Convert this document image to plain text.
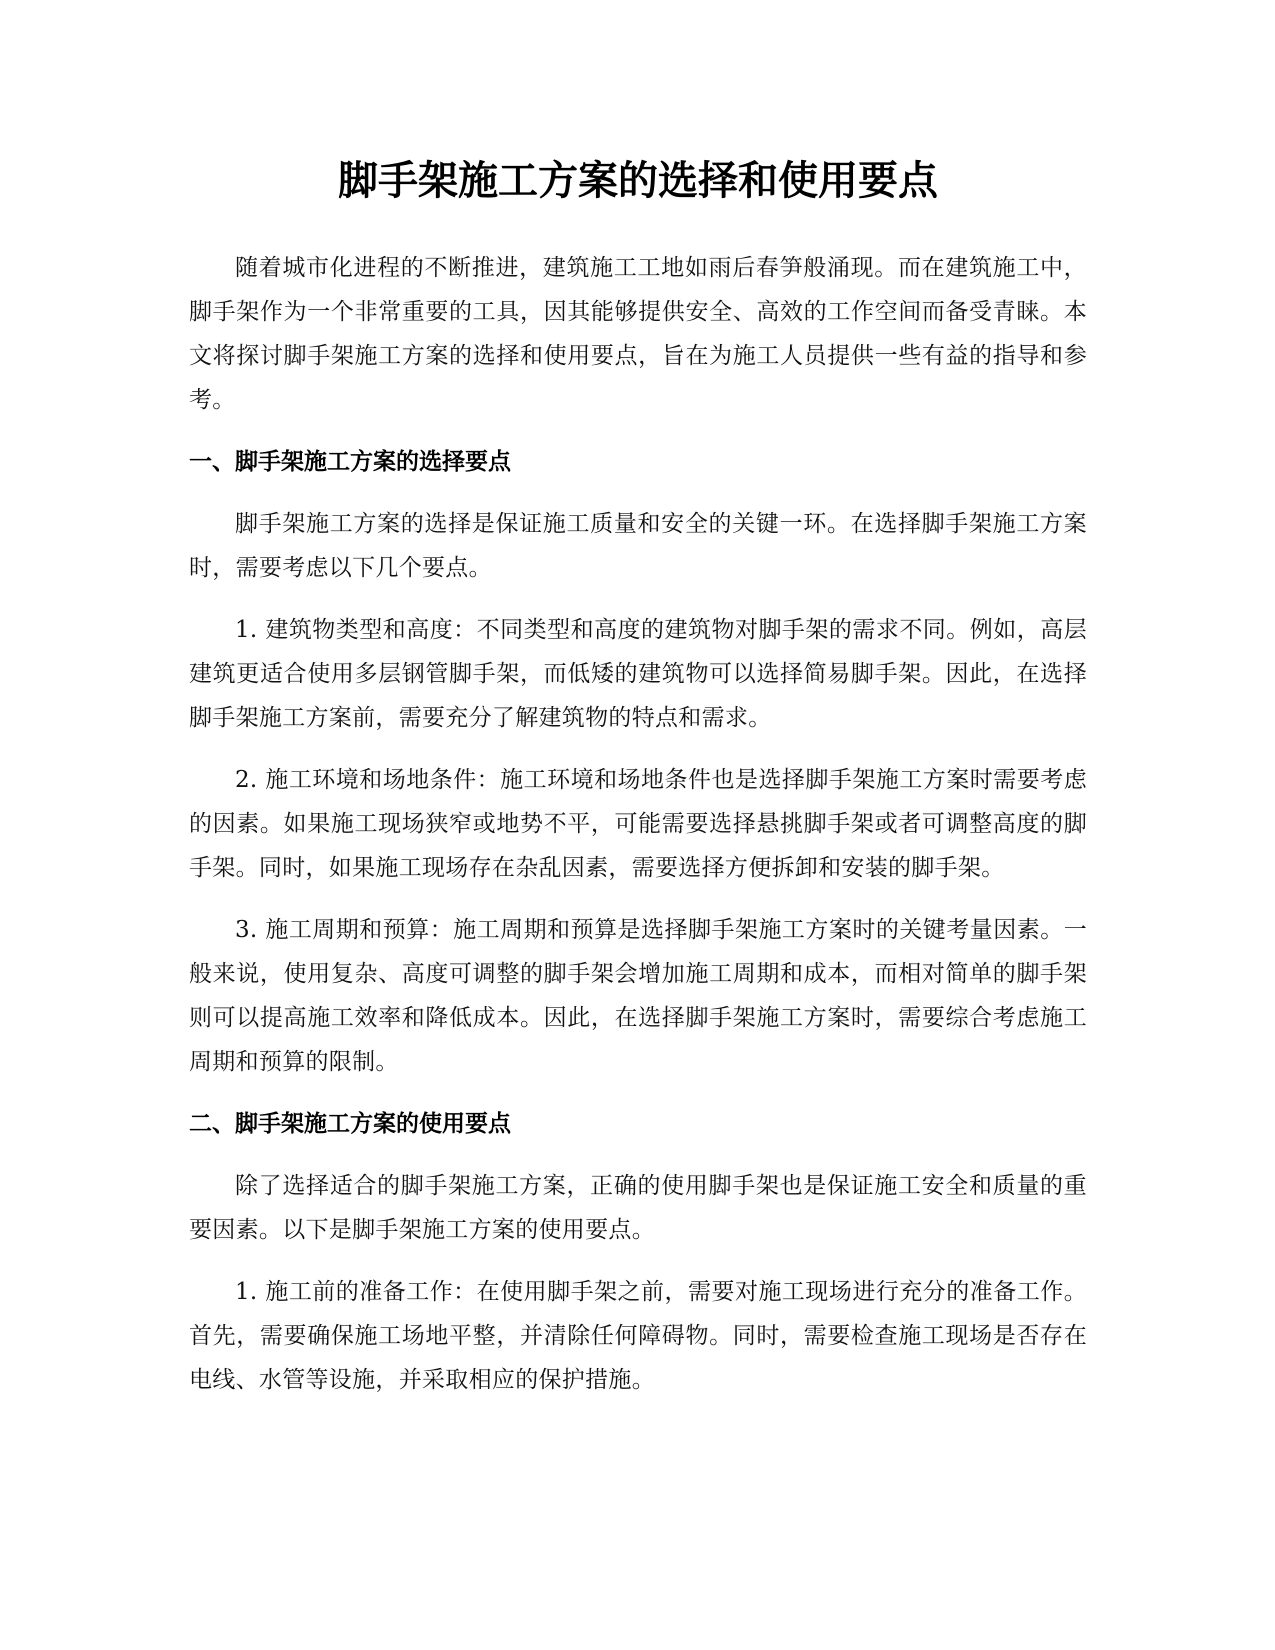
脚手架施工方案的选择和使用要点

随着城市化进程的不断推进，建筑施工工地如雨后春笋般涌现。而在建筑施工中，脚手架作为一个非常重要的工具，因其能够提供安全、高效的工作空间而备受青睐。本文将探讨脚手架施工方案的选择和使用要点，旨在为施工人员提供一些有益的指导和参考。

一、脚手架施工方案的选择要点

脚手架施工方案的选择是保证施工质量和安全的关键一环。在选择脚手架施工方案时，需要考虑以下几个要点。

1. 建筑物类型和高度：不同类型和高度的建筑物对脚手架的需求不同。例如，高层建筑更适合使用多层钢管脚手架，而低矮的建筑物可以选择简易脚手架。因此，在选择脚手架施工方案前，需要充分了解建筑物的特点和需求。

2. 施工环境和场地条件：施工环境和场地条件也是选择脚手架施工方案时需要考虑的因素。如果施工现场狭窄或地势不平，可能需要选择悬挑脚手架或者可调整高度的脚手架。同时，如果施工现场存在杂乱因素，需要选择方便拆卸和安装的脚手架。

3. 施工周期和预算：施工周期和预算是选择脚手架施工方案时的关键考量因素。一般来说，使用复杂、高度可调整的脚手架会增加施工周期和成本，而相对简单的脚手架则可以提高施工效率和降低成本。因此，在选择脚手架施工方案时，需要综合考虑施工周期和预算的限制。

二、脚手架施工方案的使用要点

除了选择适合的脚手架施工方案，正确的使用脚手架也是保证施工安全和质量的重要因素。以下是脚手架施工方案的使用要点。

1. 施工前的准备工作：在使用脚手架之前，需要对施工现场进行充分的准备工作。首先，需要确保施工场地平整，并清除任何障碍物。同时，需要检查施工现场是否存在电线、水管等设施，并采取相应的保护措施。
